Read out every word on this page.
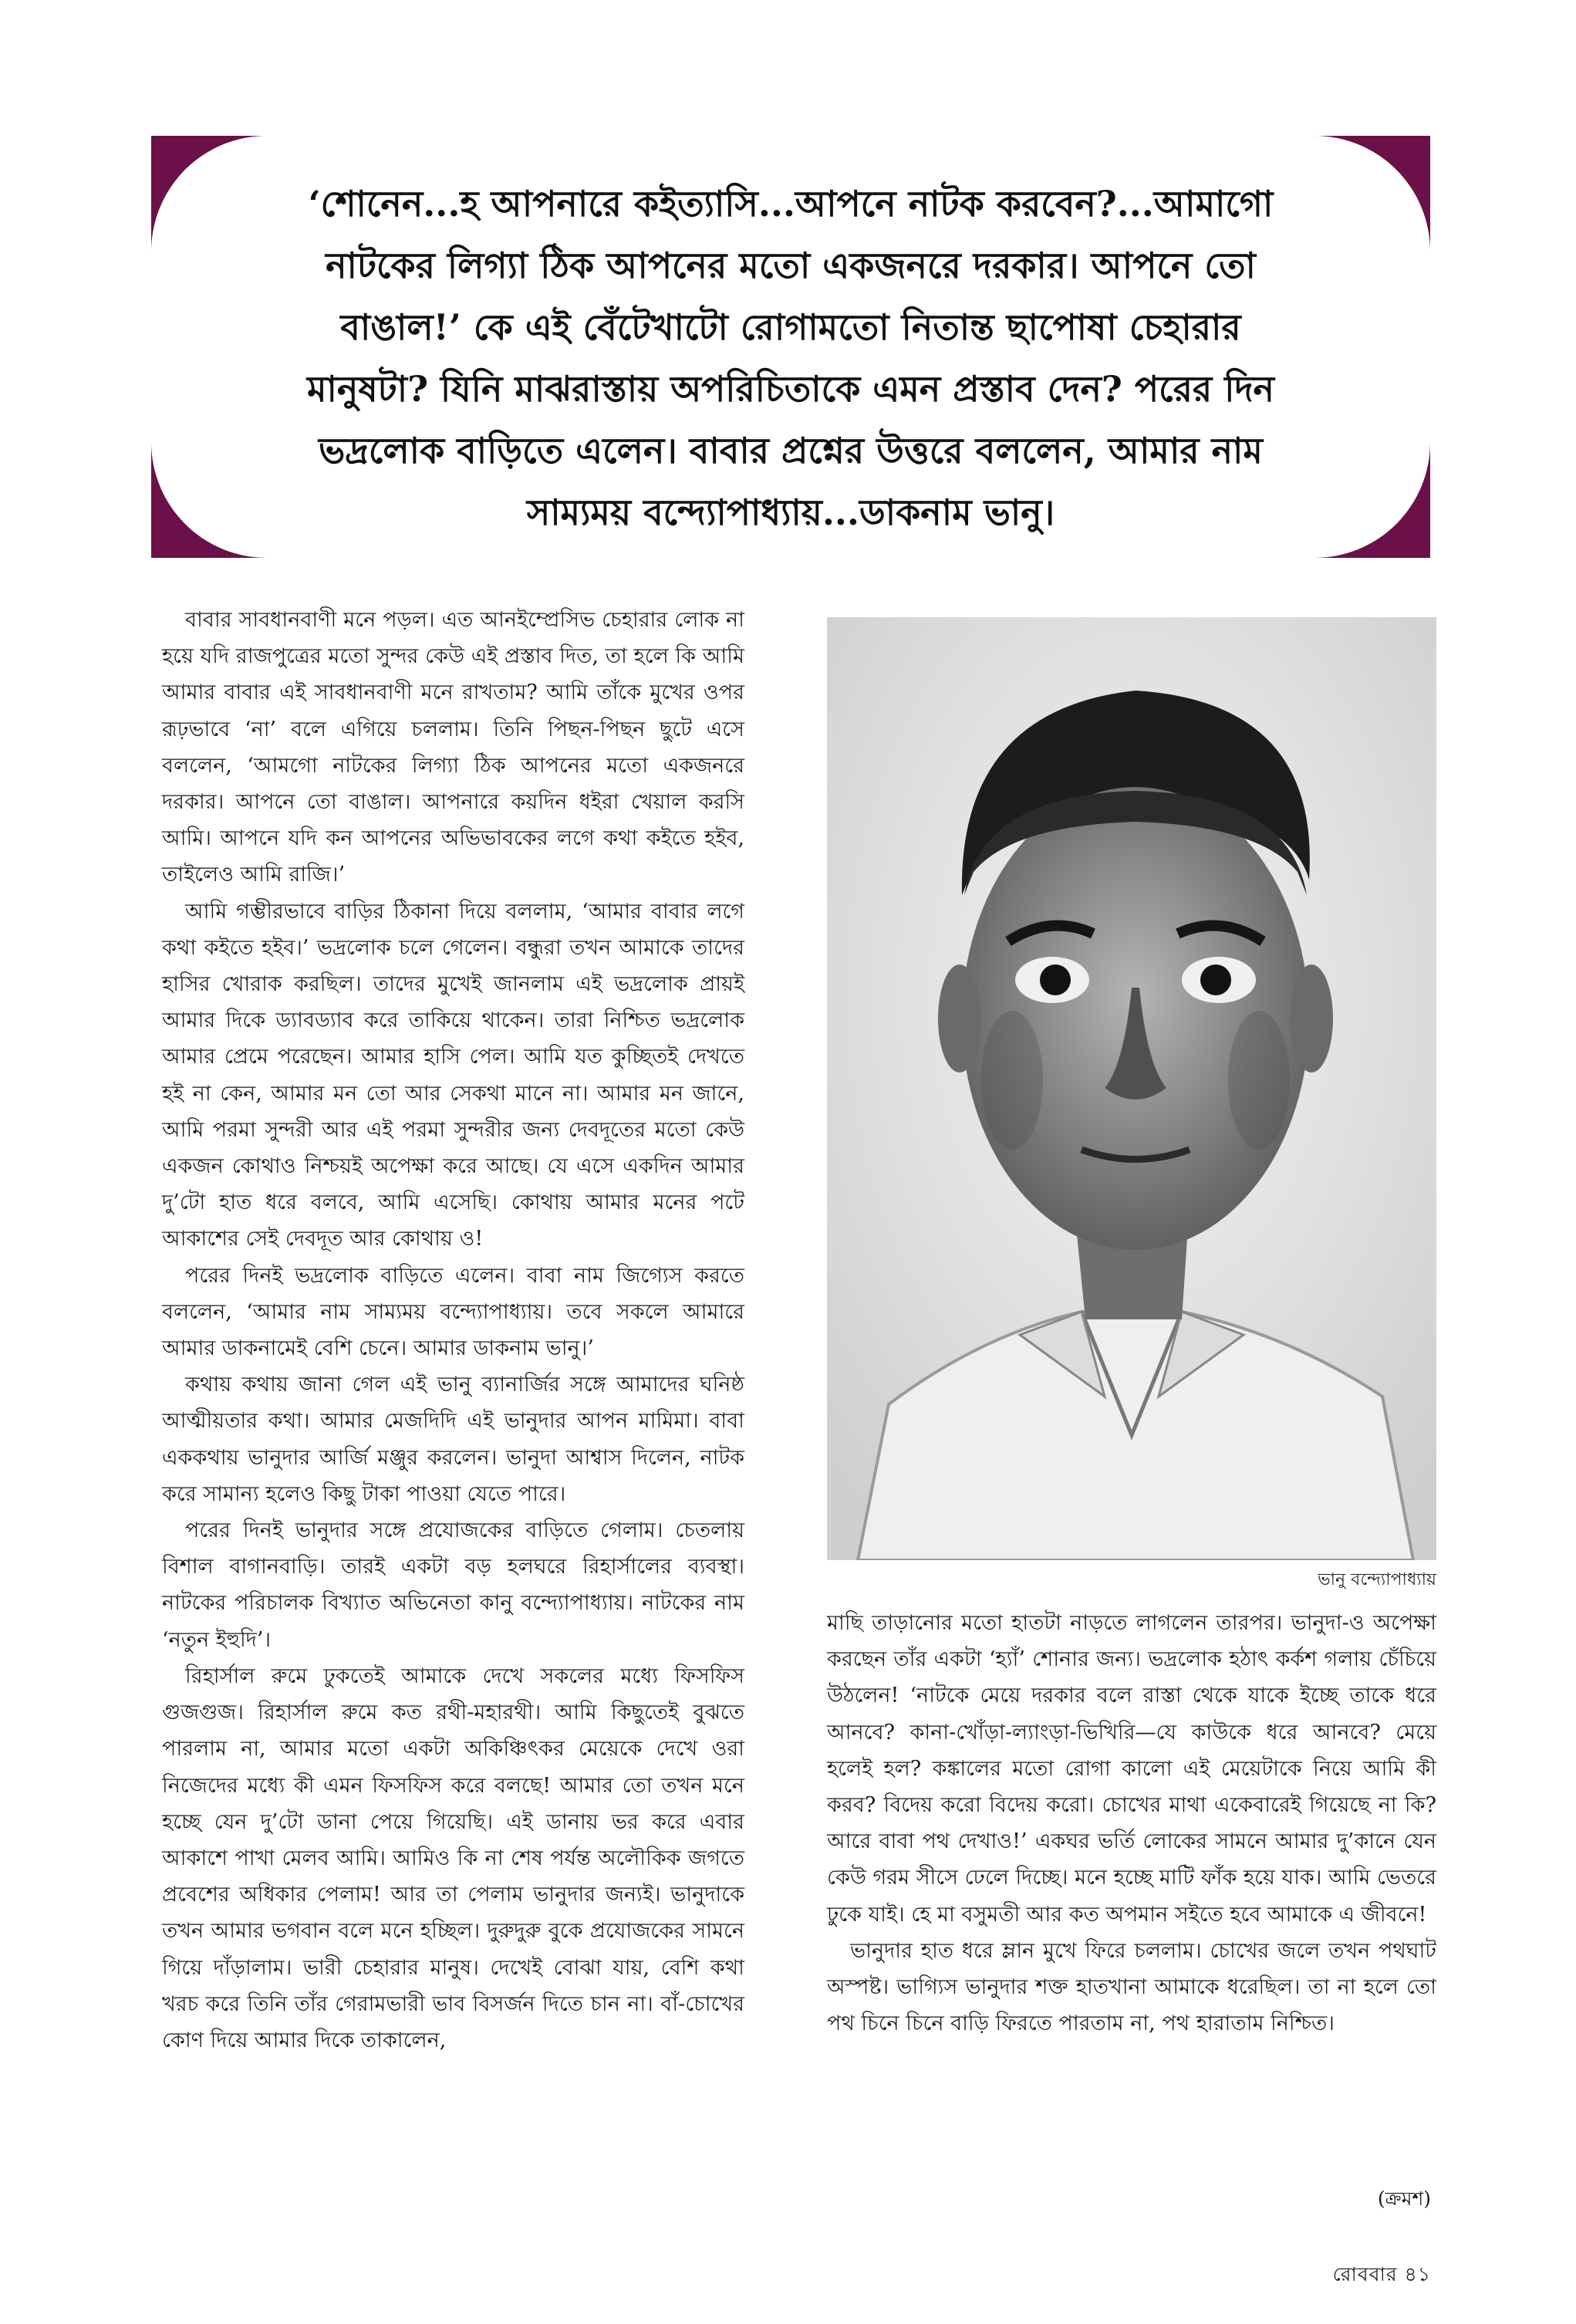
‘শোনেন...হ আপনারে কইত্যাসি...আপনে নাটক করবেন?...আমাগো
নাটকের লিগ্যা ঠিক আপনের মতো একজনরে দরকার। আপনে তো
বাঙাল!’ কে এই বেঁটেখাটো রোগামতো নিতান্ত ছাপোষা চেহারার
মানুষটা? যিনি মাঝরাস্তায় অপরিচিতাকে এমন প্রস্তাব দেন? পরের দিন
ভদ্রলোক বাড়িতে এলেন। বাবার প্রশ্নের উত্তরে বললেন, আমার নাম
সাম্যময় বন্দ্যোপাধ্যায়...ডাকনাম ভানু।

বাবার সাবধানবাণী মনে পড়ল। এত আনইম্প্রেসিভ চেহারার লোক না হয়ে যদি রাজপুত্রের মতো সুন্দর কেউ এই প্রস্তাব দিত, তা হলে কি আমি আমার বাবার এই সাবধানবাণী মনে রাখতাম? আমি তাঁকে মুখের ওপর রূঢ়ভাবে ‘না’ বলে এগিয়ে চললাম। তিনি পিছন-পিছন ছুটে এসে বললেন, ‘আমগো নাটকের লিগ্যা ঠিক আপনের মতো একজনরে দরকার। আপনে তো বাঙাল। আপনারে কয়দিন ধইরা খেয়াল করসি আমি। আপনে যদি কন আপনের অভিভাবকের লগে কথা কইতে হইব, তাইলেও আমি রাজি।’

আমি গম্ভীরভাবে বাড়ির ঠিকানা দিয়ে বললাম, ‘আমার বাবার লগে কথা কইতে হইব।’ ভদ্রলোক চলে গেলেন। বন্ধুরা তখন আমাকে তাদের হাসির খোরাক করছিল। তাদের মুখেই জানলাম এই ভদ্রলোক প্রায়ই আমার দিকে ড্যাবড্যাব করে তাকিয়ে থাকেন। তারা নিশ্চিত ভদ্রলোক আমার প্রেমে পরেছেন। আমার হাসি পেল। আমি যত কুচ্ছিতই দেখতে হই না কেন, আমার মন তো আর সেকথা মানে না। আমার মন জানে, আমি পরমা সুন্দরী আর এই পরমা সুন্দরীর জন্য দেবদূতের মতো কেউ একজন কোথাও নিশ্চয়ই অপেক্ষা করে আছে। যে এসে একদিন আমার দু’টো হাত ধরে বলবে, আমি এসেছি। কোথায় আমার মনের পটে আকাশের সেই দেবদূত আর কোথায় ও!

পরের দিনই ভদ্রলোক বাড়িতে এলেন। বাবা নাম জিগ্যেস করতে বললেন, ‘আমার নাম সাম্যময় বন্দ্যোপাধ্যায়। তবে সকলে আমারে আমার ডাকনামেই বেশি চেনে। আমার ডাকনাম ভানু।’

কথায় কথায় জানা গেল এই ভানু ব্যানার্জির সঙ্গে আমাদের ঘনিষ্ঠ আত্মীয়তার কথা। আমার মেজদিদি এই ভানুদার আপন মামিমা। বাবা এককথায় ভানুদার আর্জি মঞ্জুর করলেন। ভানুদা আশ্বাস দিলেন, নাটক করে সামান্য হলেও কিছু টাকা পাওয়া যেতে পারে।

পরের দিনই ভানুদার সঙ্গে প্রযোজকের বাড়িতে গেলাম। চেতলায় বিশাল বাগানবাড়ি। তারই একটা বড় হলঘরে রিহার্সালের ব্যবস্থা। নাটকের পরিচালক বিখ্যাত অভিনেতা কানু বন্দ্যোপাধ্যায়। নাটকের নাম ‘নতুন ইহুদি’।

রিহার্সাল রুমে ঢুকতেই আমাকে দেখে সকলের মধ্যে ফিসফিস গুজগুজ। রিহার্সাল রুমে কত রথী-মহারথী। আমি কিছুতেই বুঝতে পারলাম না, আমার মতো একটা অকিঞ্চিৎকর মেয়েকে দেখে ওরা নিজেদের মধ্যে কী এমন ফিসফিস করে বলছে! আমার তো তখন মনে হচ্ছে যেন দু’টো ডানা পেয়ে গিয়েছি। এই ডানায় ভর করে এবার আকাশে পাখা মেলব আমি। আমিও কি না শেষ পর্যন্ত অলৌকিক জগতে প্রবেশের অধিকার পেলাম! আর তা পেলাম ভানুদার জন্যই। ভানুদাকে তখন আমার ভগবান বলে মনে হচ্ছিল। দুরুদুরু বুকে প্রযোজকের সামনে গিয়ে দাঁড়ালাম। ভারী চেহারার মানুষ। দেখেই বোঝা যায়, বেশি কথা খরচ করে তিনি তাঁর গেরামভারী ভাব বিসর্জন দিতে চান না। বাঁ-চোখের কোণ দিয়ে আমার দিকে তাকালেন,

ভানু বন্দ্যোপাধ্যায়

মাছি তাড়ানোর মতো হাতটা নাড়তে লাগলেন তারপর। ভানুদা-ও অপেক্ষা করছেন তাঁর একটা ‘হ্যাঁ’ শোনার জন্য। ভদ্রলোক হঠাৎ কর্কশ গলায় চেঁচিয়ে উঠলেন! ‘নাটকে মেয়ে দরকার বলে রাস্তা থেকে যাকে ইচ্ছে তাকে ধরে আনবে? কানা-খোঁড়া-ল্যাংড়া-ভিখিরি—যে কাউকে ধরে আনবে? মেয়ে হলেই হল? কঙ্কালের মতো রোগা কালো এই মেয়েটাকে নিয়ে আমি কী করব? বিদেয় করো বিদেয় করো। চোখের মাথা একেবারেই গিয়েছে না কি? আরে বাবা পথ দেখাও!’ একঘর ভর্তি লোকের সামনে আমার দু’কানে যেন কেউ গরম সীসে ঢেলে দিচ্ছে। মনে হচ্ছে মাটি ফাঁক হয়ে যাক। আমি ভেতরে ঢুকে যাই। হে মা বসুমতী আর কত অপমান সইতে হবে আমাকে এ জীবনে!

ভানুদার হাত ধরে ম্লান মুখে ফিরে চললাম। চোখের জলে তখন পথঘাট অস্পষ্ট। ভাগ্যিস ভানুদার শক্ত হাতখানা আমাকে ধরেছিল। তা না হলে তো পথ চিনে চিনে বাড়ি ফিরতে পারতাম না, পথ হারাতাম নিশ্চিত।

(ক্রমশ)
রোববার ৪১
